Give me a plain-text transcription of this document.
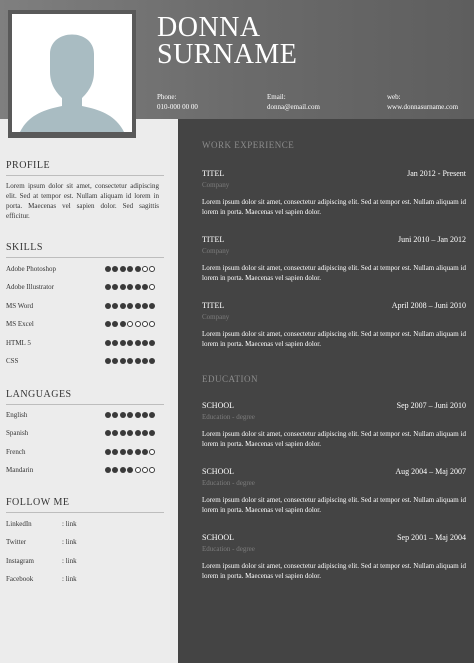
DONNA
SURNAME
Phone:
010-000 00 00
Email:
donna@email.com
web:
www.donnasurname.com
PROFILE
Lorem ipsum dolor sit amet, consectetur adipiscing elit. Sed at tempor est. Nullam aliquam id lorem in porta. Maecenas vel sapien dolor. Sed sagittis efficitur.
SKILLS
Adobe Photoshop
Adobe Illustrator
MS Word
MS Excel
HTML 5
CSS
LANGUAGES
English
Spanish
French
Mandarin
FOLLOW ME
LinkedIn	: link
Twitter	: link
Instagram	: link
Facebook	: link
WORK EXPERIENCE
TITEL	Jan 2012 - Present
Company
Lorem ipsum dolor sit amet, consectetur adipiscing elit. Sed at tempor est. Nullam aliquam id lorem in porta. Maecenas vel sapien dolor.
TITEL	Juni 2010 – Jan 2012
Company
Lorem ipsum dolor sit amet, consectetur adipiscing elit. Sed at tempor est. Nullam aliquam id lorem in porta. Maecenas vel sapien dolor.
TITEL	April 2008 – Juni 2010
Company
Lorem ipsum dolor sit amet, consectetur adipiscing elit. Sed at tempor est. Nullam aliquam id lorem in porta. Maecenas vel sapien dolor.
EDUCATION
SCHOOL	Sep 2007 – Juni 2010
Education - degree
Lorem ipsum dolor sit amet, consectetur adipiscing elit. Sed at tempor est. Nullam aliquam id lorem in porta. Maecenas vel sapien dolor.
SCHOOL	Aug 2004 – Maj 2007
Education - degree
Lorem ipsum dolor sit amet, consectetur adipiscing elit. Sed at tempor est. Nullam aliquam id lorem in porta. Maecenas vel sapien dolor.
SCHOOL	Sep 2001 – Maj 2004
Education - degree
Lorem ipsum dolor sit amet, consectetur adipiscing elit. Sed at tempor est. Nullam aliquam id lorem in porta. Maecenas vel sapien dolor.
